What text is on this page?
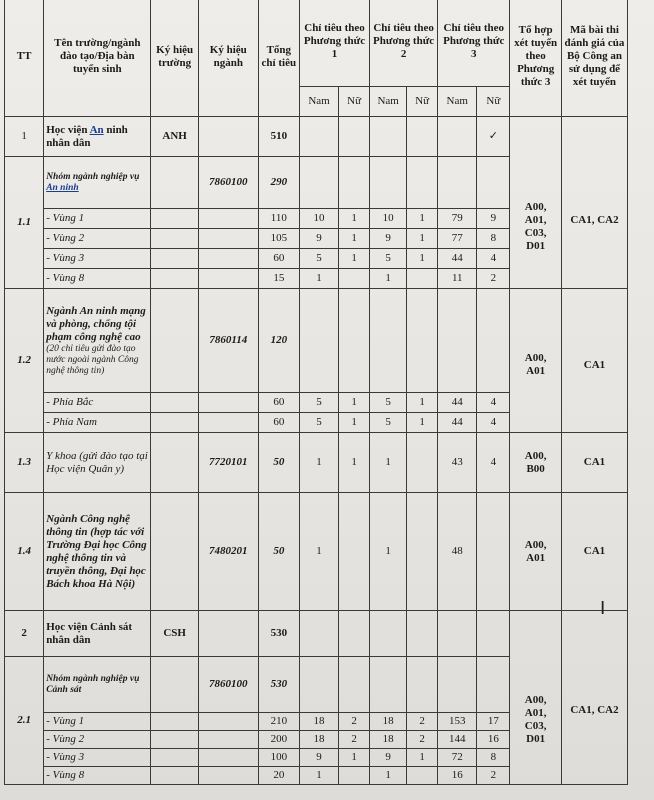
TT	Tên trường/ngành đào tạo/Địa bàn tuyển sinh	Ký hiệu trường	Ký hiệu ngành	Tổng chỉ tiêu	Chỉ tiêu theo Phương thức 1		Chỉ tiêu theo Phương thức 2		Chỉ tiêu theo Phương thức 3		Tổ hợp xét tuyển theo Phương thức 3	Mã bài thi đánh giá của Bộ Công an sử dụng để xét tuyển
					Nam	Nữ	Nam	Nữ	Nam	Nữ		
1	Học viện An ninh nhân dân	ANH		510						✓	A00,
A01,
C03,
D01	CA1, CA2
1.1	Nhóm ngành nghiệp vụ An ninh		7860100	290								
	- Vùng 1			110	10	1	10	1	79	9		
	- Vùng 2			105	9	1	9	1	77	8		
	- Vùng 3			60	5	1	5	1	44	4		
	- Vùng 8			15	1		1		11	2		
1.2	Ngành An ninh mạng và phòng, chống tội phạm công nghệ cao
(20 chỉ tiêu gửi đào tạo nước ngoài ngành Công nghệ thông tin)		7860114	120							A00,
A01	CA1
	- Phía Bắc			60	5	1	5	1	44	4		
	- Phía Nam			60	5	1	5	1	44	4		
1.3	Y khoa (gửi đào tạo tại Học viện Quân y)		7720101	50	1	1	1		43	4	A00,
B00	CA1
1.4	Ngành Công nghệ thông tin (hợp tác với Trường Đại học Công nghệ thông tin và truyền thông, Đại học Bách khoa Hà Nội)		7480201	50	1		1		48		A00,
A01	CA1
2	Học viện Cảnh sát nhân dân	CSH		530							A00,
A01,
C03,
D01	CA1, CA2
2.1	Nhóm ngành nghiệp vụ Cảnh sát		7860100	530								
	- Vùng 1			210	18	2	18	2	153	17		
	- Vùng 2			200	18	2	18	2	144	16		
	- Vùng 3			100	9	1	9	1	72	8		
	- Vùng 8			20	1		1		16	2		
I
